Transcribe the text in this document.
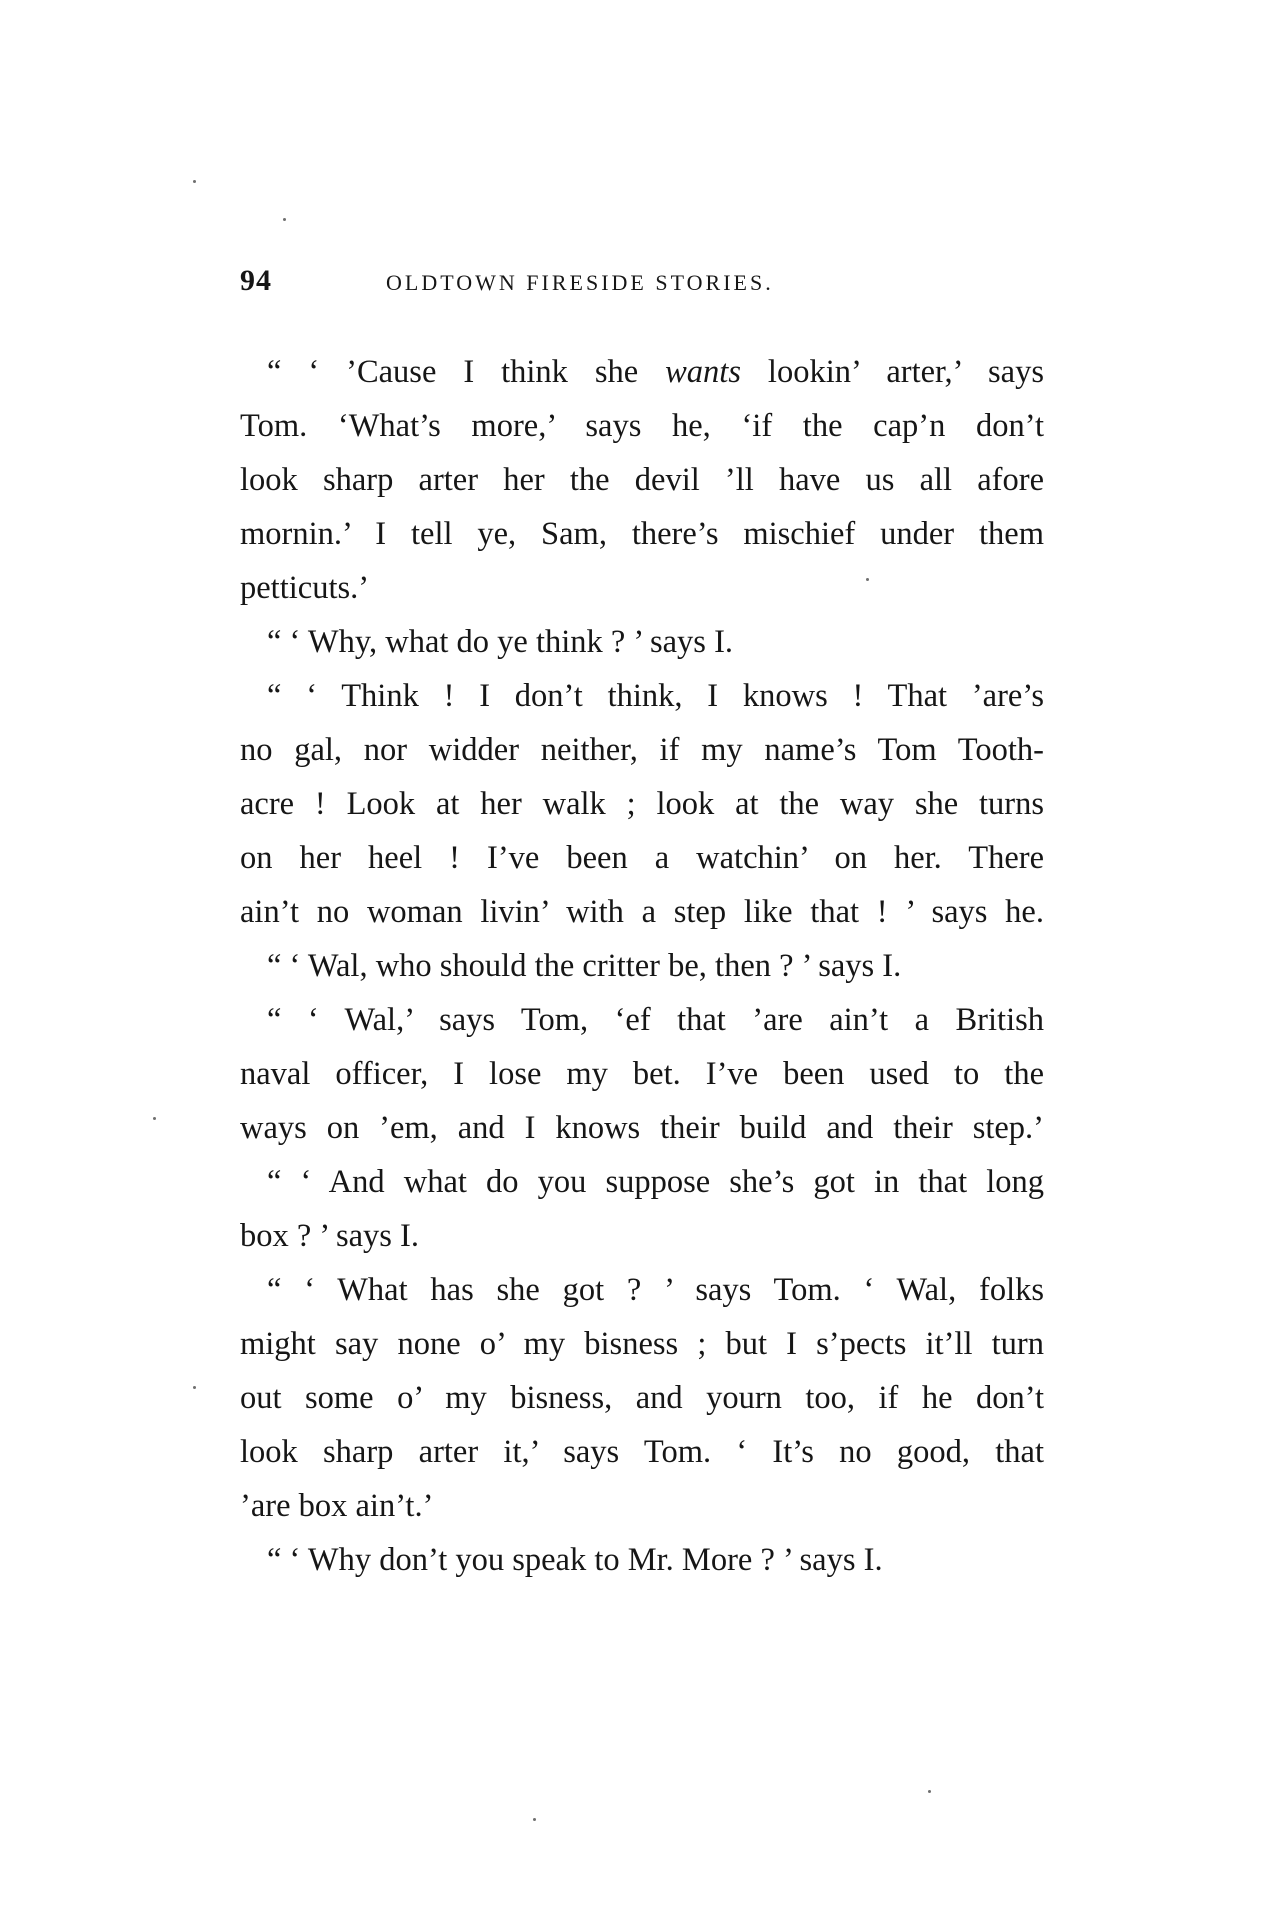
94	OLDTOWN FIRESIDE STORIES.
“ ‘ ’Cause I think she wants lookin’ arter,’ says
Tom. ‘What’s more,’ says he, ‘if the cap’n don’t
look sharp arter her the devil ’ll have us all afore
mornin.’ I tell ye, Sam, there’s mischief under them
petticuts.’
“ ‘ Why, what do ye think ? ’ says I.
“ ‘ Think ! I don’t think, I knows ! That ’are’s
no gal, nor widder neither, if my name’s Tom Tooth-
acre ! Look at her walk ; look at the way she turns
on her heel ! I’ve been a watchin’ on her. There
ain’t no woman livin’ with a step like that ! ’ says he.
“ ‘ Wal, who should the critter be, then ? ’ says I.
“ ‘ Wal,’ says Tom, ‘ef that ’are ain’t a British
naval officer, I lose my bet. I’ve been used to the
ways on ’em, and I knows their build and their step.’
“ ‘ And what do you suppose she’s got in that long
box ? ’ says I.
“ ‘ What has she got ? ’ says Tom. ‘ Wal, folks
might say none o’ my bisness ; but I s’pects it’ll turn
out some o’ my bisness, and yourn too, if he don’t
look sharp arter it,’ says Tom. ‘ It’s no good, that
’are box ain’t.’
“ ‘ Why don’t you speak to Mr. More ? ’ says I.
